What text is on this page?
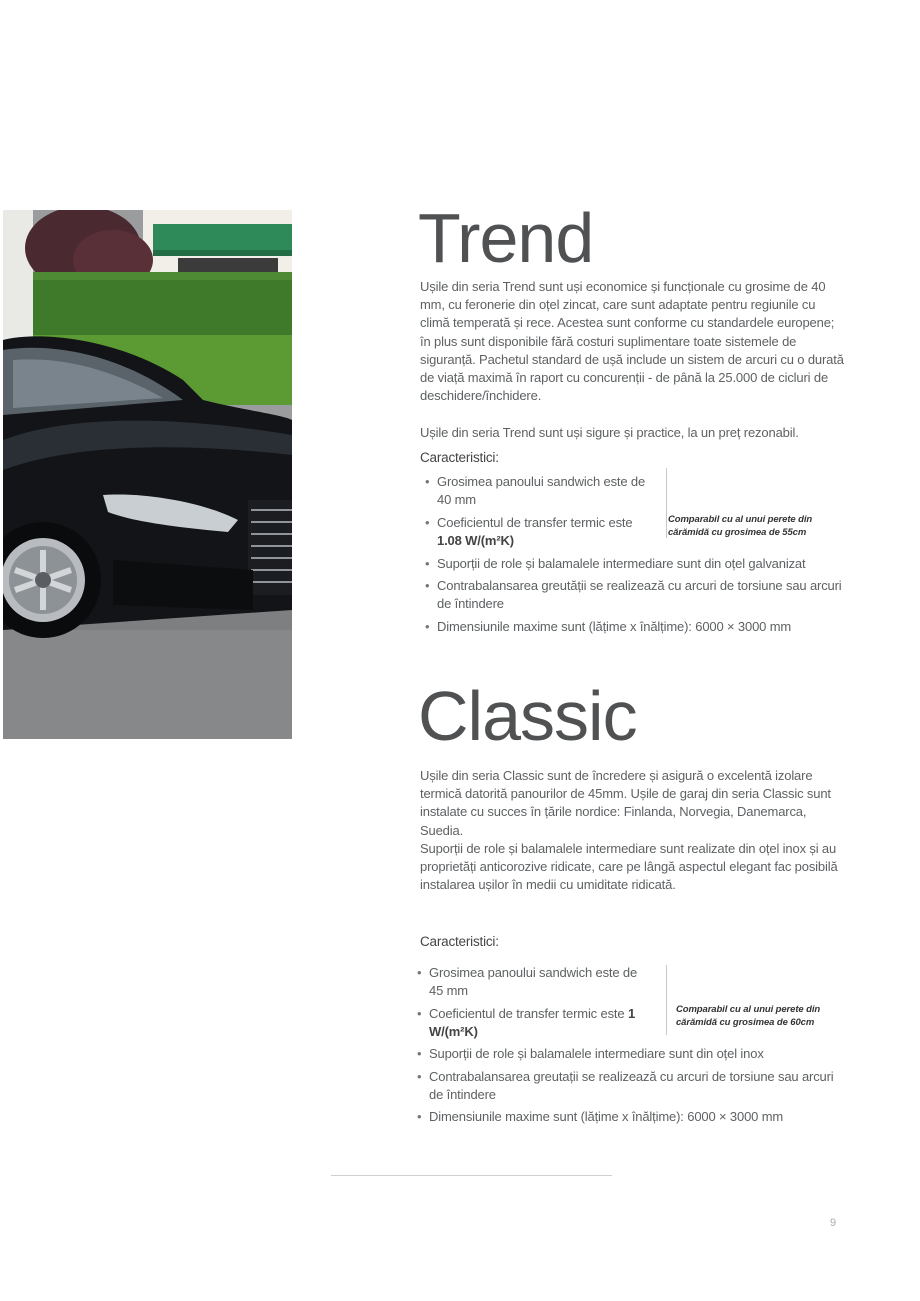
Trend
Ușile din seria Trend sunt uși economice și funcționale cu grosime de 40 mm, cu feronerie din oțel zincat, care sunt adaptate pentru regiunile cu climă temperată și rece. Acestea sunt conforme cu standardele europene; în plus sunt disponibile fără costuri suplimentare toate sistemele de siguranță. Pachetul standard de ușă include un sistem de arcuri cu o durată de viață maximă în raport cu concurenții - de până la 25.000 de cicluri de deschidere/închidere.
Ușile din seria Trend sunt uși sigure și practice, la un preț rezonabil.
Caracteristici:
• Grosimea panoului sandwich este de 40 mm
• Coeficientul de transfer termic este
1.08 W/(m²K)
Comparabil cu al unui perete din cărămidă cu grosimea de 55cm
• Suporții de role și balamalele intermediare sunt din oțel galvanizat
• Contrabalansarea greutății se realizează cu arcuri de torsiune sau arcuri de întindere
• Dimensiunile maxime sunt (lățime x înălțime): 6000 × 3000 mm
Classic
Ușile din seria Classic sunt de încredere și asigură o excelentă izolare termică datorită panourilor de 45mm. Ușile de garaj din seria Classic sunt instalate cu succes în țările nordice: Finlanda, Norvegia, Danemarca, Suedia.
Suporții de role și balamalele intermediare sunt realizate din oțel inox și au proprietăți anticorozive ridicate, care pe lângă aspectul elegant fac posibilă instalarea ușilor în medii cu umiditate ridicată.
Caracteristici:
• Grosimea panoului sandwich este de 45 mm
• Coeficientul de transfer termic este 1 W/(m²K)
Comparabil cu al unui perete din cărămidă cu grosimea de 60cm
• Suporții de role și balamalele intermediare sunt din oțel inox
• Contrabalansarea greutații se realizează cu arcuri de torsiune sau arcuri de întindere
• Dimensiunile maxime sunt (lățime x înălțime): 6000 × 3000 mm
9
